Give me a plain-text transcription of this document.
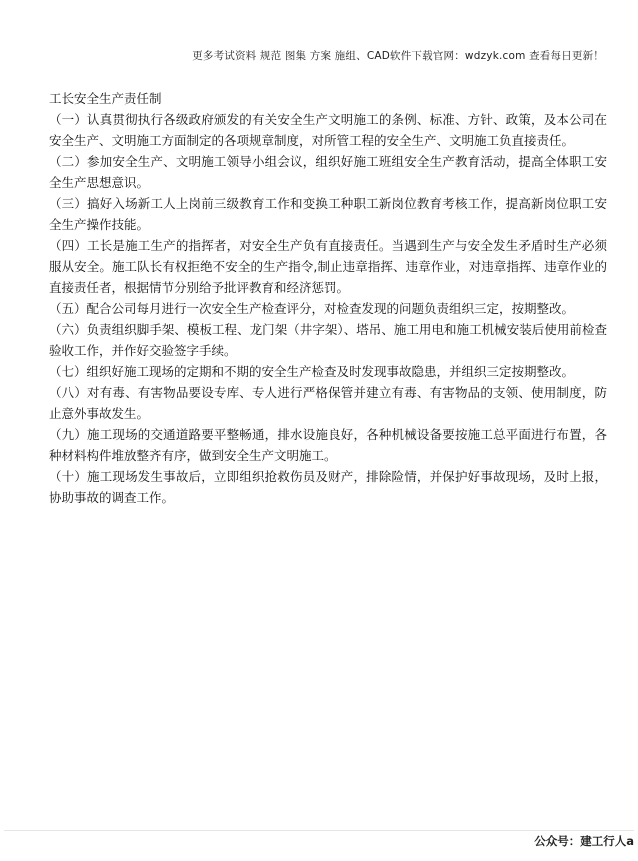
更多考试资料 规范 图集 方案 施组、CAD软件下载官网：wdzyk.com 查看每日更新！

工长安全生产责任制

（一）认真贯彻执行各级政府颁发的有关安全生产文明施工的条例、标准、方针、政策，及本公司在安全生产、文明施工方面制定的各项规章制度，对所管工程的安全生产、文明施工负直接责任。

（二）参加安全生产、文明施工领导小组会议，组织好施工班组安全生产教育活动，提高全体职工安全生产思想意识。

（三）搞好入场新工人上岗前三级教育工作和变换工种职工新岗位教育考核工作，提高新岗位职工安全生产操作技能。

（四）工长是施工生产的指挥者，对安全生产负有直接责任。当遇到生产与安全发生矛盾时生产必须服从安全。施工队长有权拒绝不安全的生产指令,制止违章指挥、违章作业，对违章指挥、违章作业的直接责任者，根据情节分别给予批评教育和经济惩罚。

（五）配合公司每月进行一次安全生产检查评分，对检查发现的问题负责组织三定，按期整改。

（六）负责组织脚手架、模板工程、龙门架（井字架）、塔吊、施工用电和施工机械安装后使用前检查验收工作，并作好交验签字手续。

（七）组织好施工现场的定期和不期的安全生产检查及时发现事故隐患，并组织三定按期整改。

（八）对有毒、有害物品要设专库、专人进行严格保管并建立有毒、有害物品的支领、使用制度，防止意外事故发生。

（九）施工现场的交通道路要平整畅通，排水设施良好，各种机械设备要按施工总平面进行布置，各种材料构件堆放整齐有序，做到安全生产文明施工。

（十）施工现场发生事故后，立即组织抢救伤员及财产，排除险情，并保护好事故现场，及时上报，协助事故的调查工作。

公众号：建工行人a
